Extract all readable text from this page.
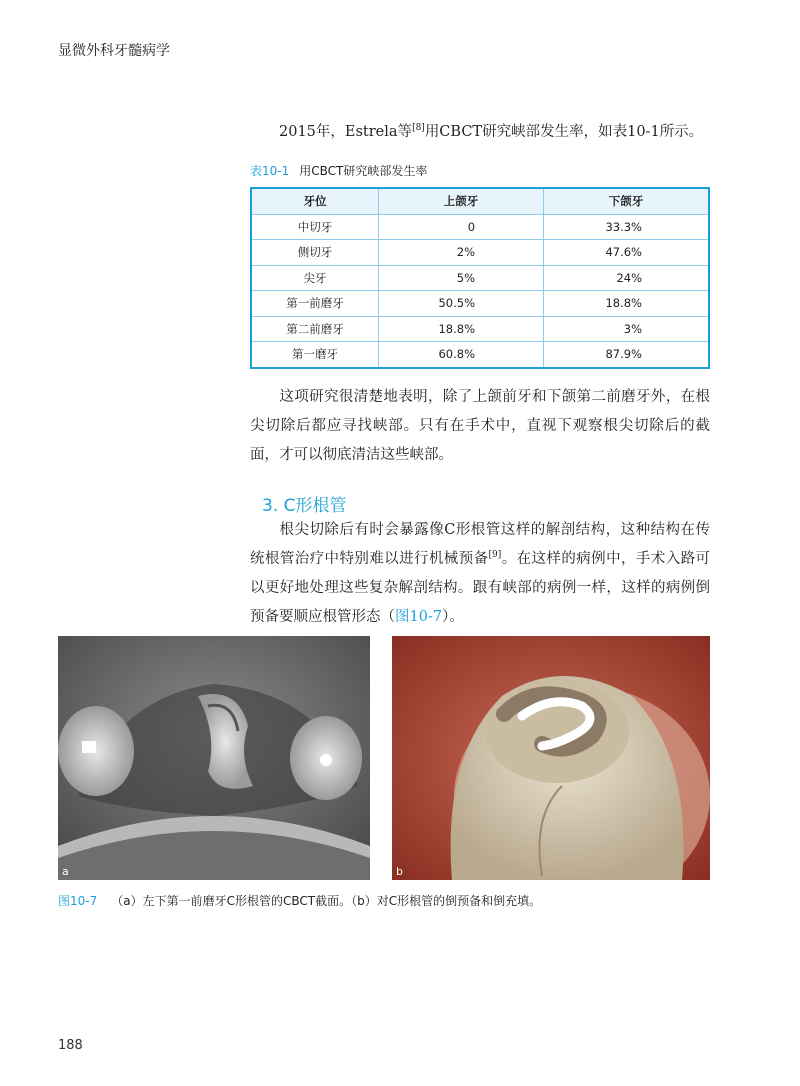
显微外科牙髓病学
2015年，Estrela等[8]用CBCT研究峡部发生率，如表10-1所示。
表10-1 用CBCT研究峡部发生率
牙位	上颌牙	下颌牙
中切牙	0	33.3%
侧切牙	2%	47.6%
尖牙	5%	24%
第一前磨牙	50.5%	18.8%
第二前磨牙	18.8%	3%
第一磨牙	60.8%	87.9%
这项研究很清楚地表明，除了上颌前牙和下颌第二前磨牙外，在根尖切除后都应寻找峡部。只有在手术中，直视下观察根尖切除后的截面，才可以彻底清洁这些峡部。
3. C形根管
根尖切除后有时会暴露像C形根管这样的解剖结构，这种结构在传统根管治疗中特别难以进行机械预备[9]。在这样的病例中，手术入路可以更好地处理这些复杂解剖结构。跟有峡部的病例一样，这样的病例倒预备要顺应根管形态（图10-7）。
a	b
图10-7 （a）左下第一前磨牙C形根管的CBCT截面。（b）对C形根管的倒预备和倒充填。
188
